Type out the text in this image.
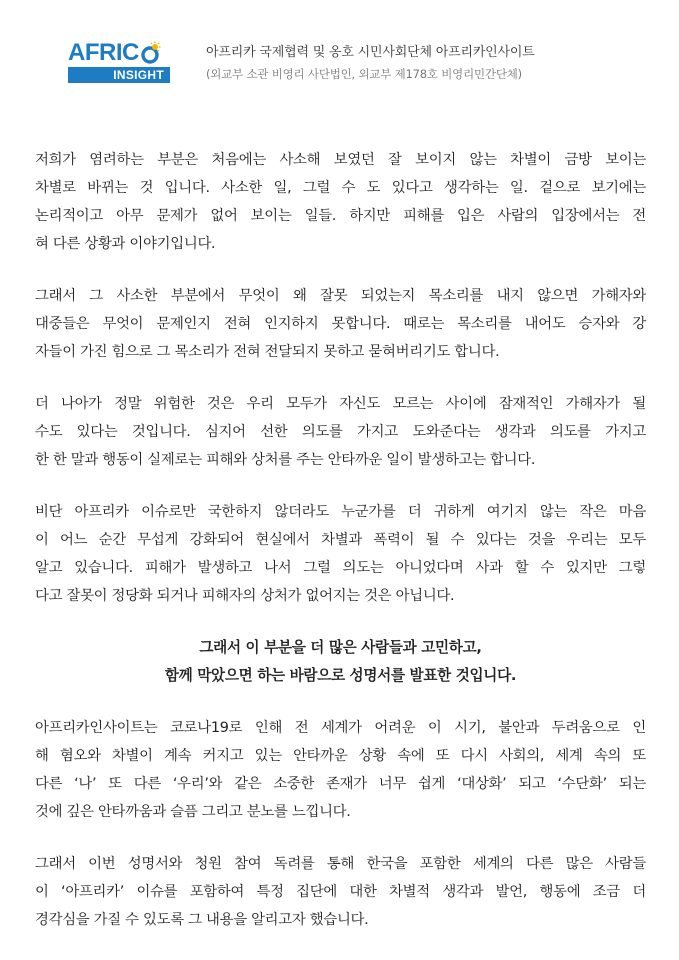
AFRIC
INSIGHT
아프리카 국제협력 및 옹호 시민사회단체 아프리카인사이트
(외교부 소관 비영리 사단법인, 외교부 제178호 비영리민간단체)
저희가 염려하는 부분은 처음에는 사소해 보였던 잘 보이지 않는 차별이 금방 보이는
차별로 바뀌는 것 입니다. 사소한 일, 그럴 수 도 있다고 생각하는 일. 겉으로 보기에는
논리적이고 아무 문제가 없어 보이는 일들. 하지만 피해를 입은 사람의 입장에서는 전
혀 다른 상황과 이야기입니다.
그래서 그 사소한 부분에서 무엇이 왜 잘못 되었는지 목소리를 내지 않으면 가해자와
대중들은 무엇이 문제인지 전혀 인지하지 못합니다. 때로는 목소리를 내어도 승자와 강
자들이 가진 힘으로 그 목소리가 전혀 전달되지 못하고 묻혀버리기도 합니다.
더 나아가 정말 위험한 것은 우리 모두가 자신도 모르는 사이에 잠재적인 가해자가 될
수도 있다는 것입니다. 심지어 선한 의도를 가지고 도와준다는 생각과 의도를 가지고
한 한 말과 행동이 실제로는 피해와 상처를 주는 안타까운 일이 발생하고는 합니다.
비단 아프리카 이슈로만 국한하지 않더라도 누군가를 더 귀하게 여기지 않는 작은 마음
이 어느 순간 무섭게 강화되어 현실에서 차별과 폭력이 될 수 있다는 것을 우리는 모두
알고 있습니다. 피해가 발생하고 나서 그럴 의도는 아니었다며 사과 할 수 있지만 그렇
다고 잘못이 정당화 되거나 피해자의 상처가 없어지는 것은 아닙니다.
그래서 이 부분을 더 많은 사람들과 고민하고,
함께 막았으면 하는 바람으로 성명서를 발표한 것입니다.
아프리카인사이트는 코로나19로 인해 전 세계가 어려운 이 시기, 불안과 두려움으로 인
해 혐오와 차별이 계속 커지고 있는 안타까운 상황 속에 또 다시 사회의, 세계 속의 또
다른 ‘나’ 또 다른 ‘우리’와 같은 소중한 존재가 너무 쉽게 ‘대상화’ 되고 ‘수단화’ 되는
것에 깊은 안타까움과 슬픔 그리고 분노를 느낍니다.
그래서 이번 성명서와 청원 참여 독려를 통해 한국을 포함한 세계의 다른 많은 사람들
이 ‘아프리카’ 이슈를 포함하여 특정 집단에 대한 차별적 생각과 발언, 행동에 조금 더
경각심을 가질 수 있도록 그 내용을 알리고자 했습니다.
